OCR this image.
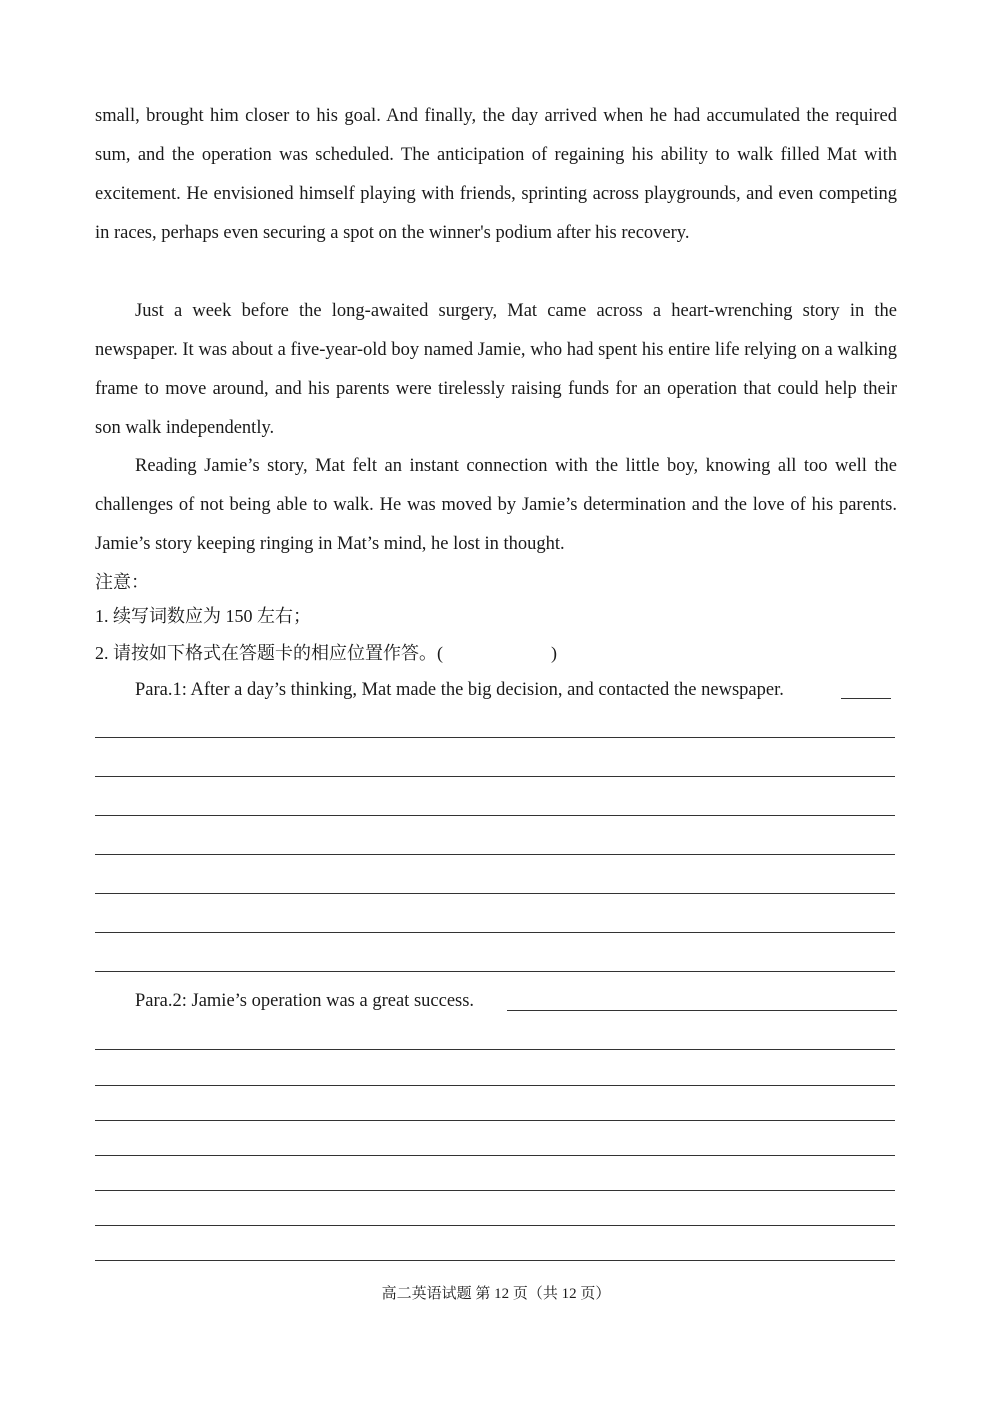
small, brought him closer to his goal. And finally, the day arrived when he had accumulated the required sum, and the operation was scheduled. The anticipation of regaining his ability to walk filled Mat with excitement. He envisioned himself playing with friends, sprinting across playgrounds, and even competing in races, perhaps even securing a spot on the winner's podium after his recovery.

Just a week before the long-awaited surgery, Mat came across a heart-wrenching story in the newspaper. It was about a five-year-old boy named Jamie, who had spent his entire life relying on a walking frame to move around, and his parents were tirelessly raising funds for an operation that could help their son walk independently.

Reading Jamie’s story, Mat felt an instant connection with the little boy, knowing all too well the challenges of not being able to walk. He was moved by Jamie’s determination and the love of his parents. Jamie’s story keeping ringing in Mat’s mind, he lost in thought.

注意：

1. 续写词数应为 150 左右；

2. 请按如下格式在答题卡的相应位置作答。(	)

Para.1: After a day’s thinking, Mat made the big decision, and contacted the newspaper.

Para.2: Jamie’s operation was a great success.

高二英语试题 第 12 页（共 12 页）
